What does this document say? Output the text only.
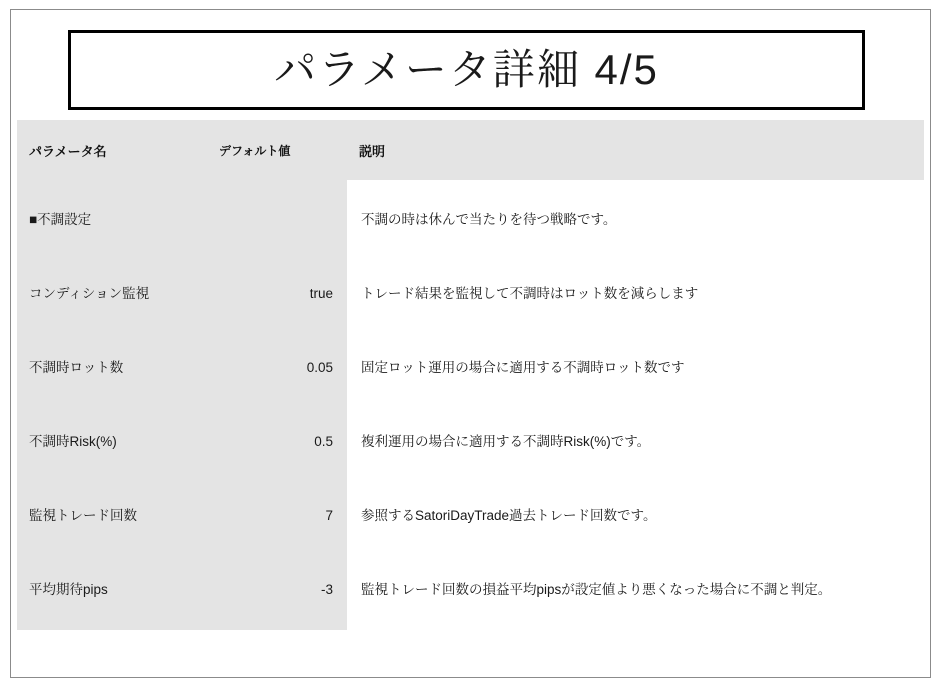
パラメータ詳細 4/5
パラメータ名	デフォルト値	説明

■不調設定		不調の時は休んで当たりを待つ戦略です。

コンディション監視	true	トレード結果を監視して不調時はロット数を減らします

不調時ロット数	0.05	固定ロット運用の場合に適用する不調時ロット数です

不調時Risk(%)	0.5	複利運用の場合に適用する不調時Risk(%)です。

監視トレード回数	7	参照するSatoriDayTrade過去トレード回数です。

平均期待pips	-3	監視トレード回数の損益平均pipsが設定値より悪くなった場合に不調と判定。
